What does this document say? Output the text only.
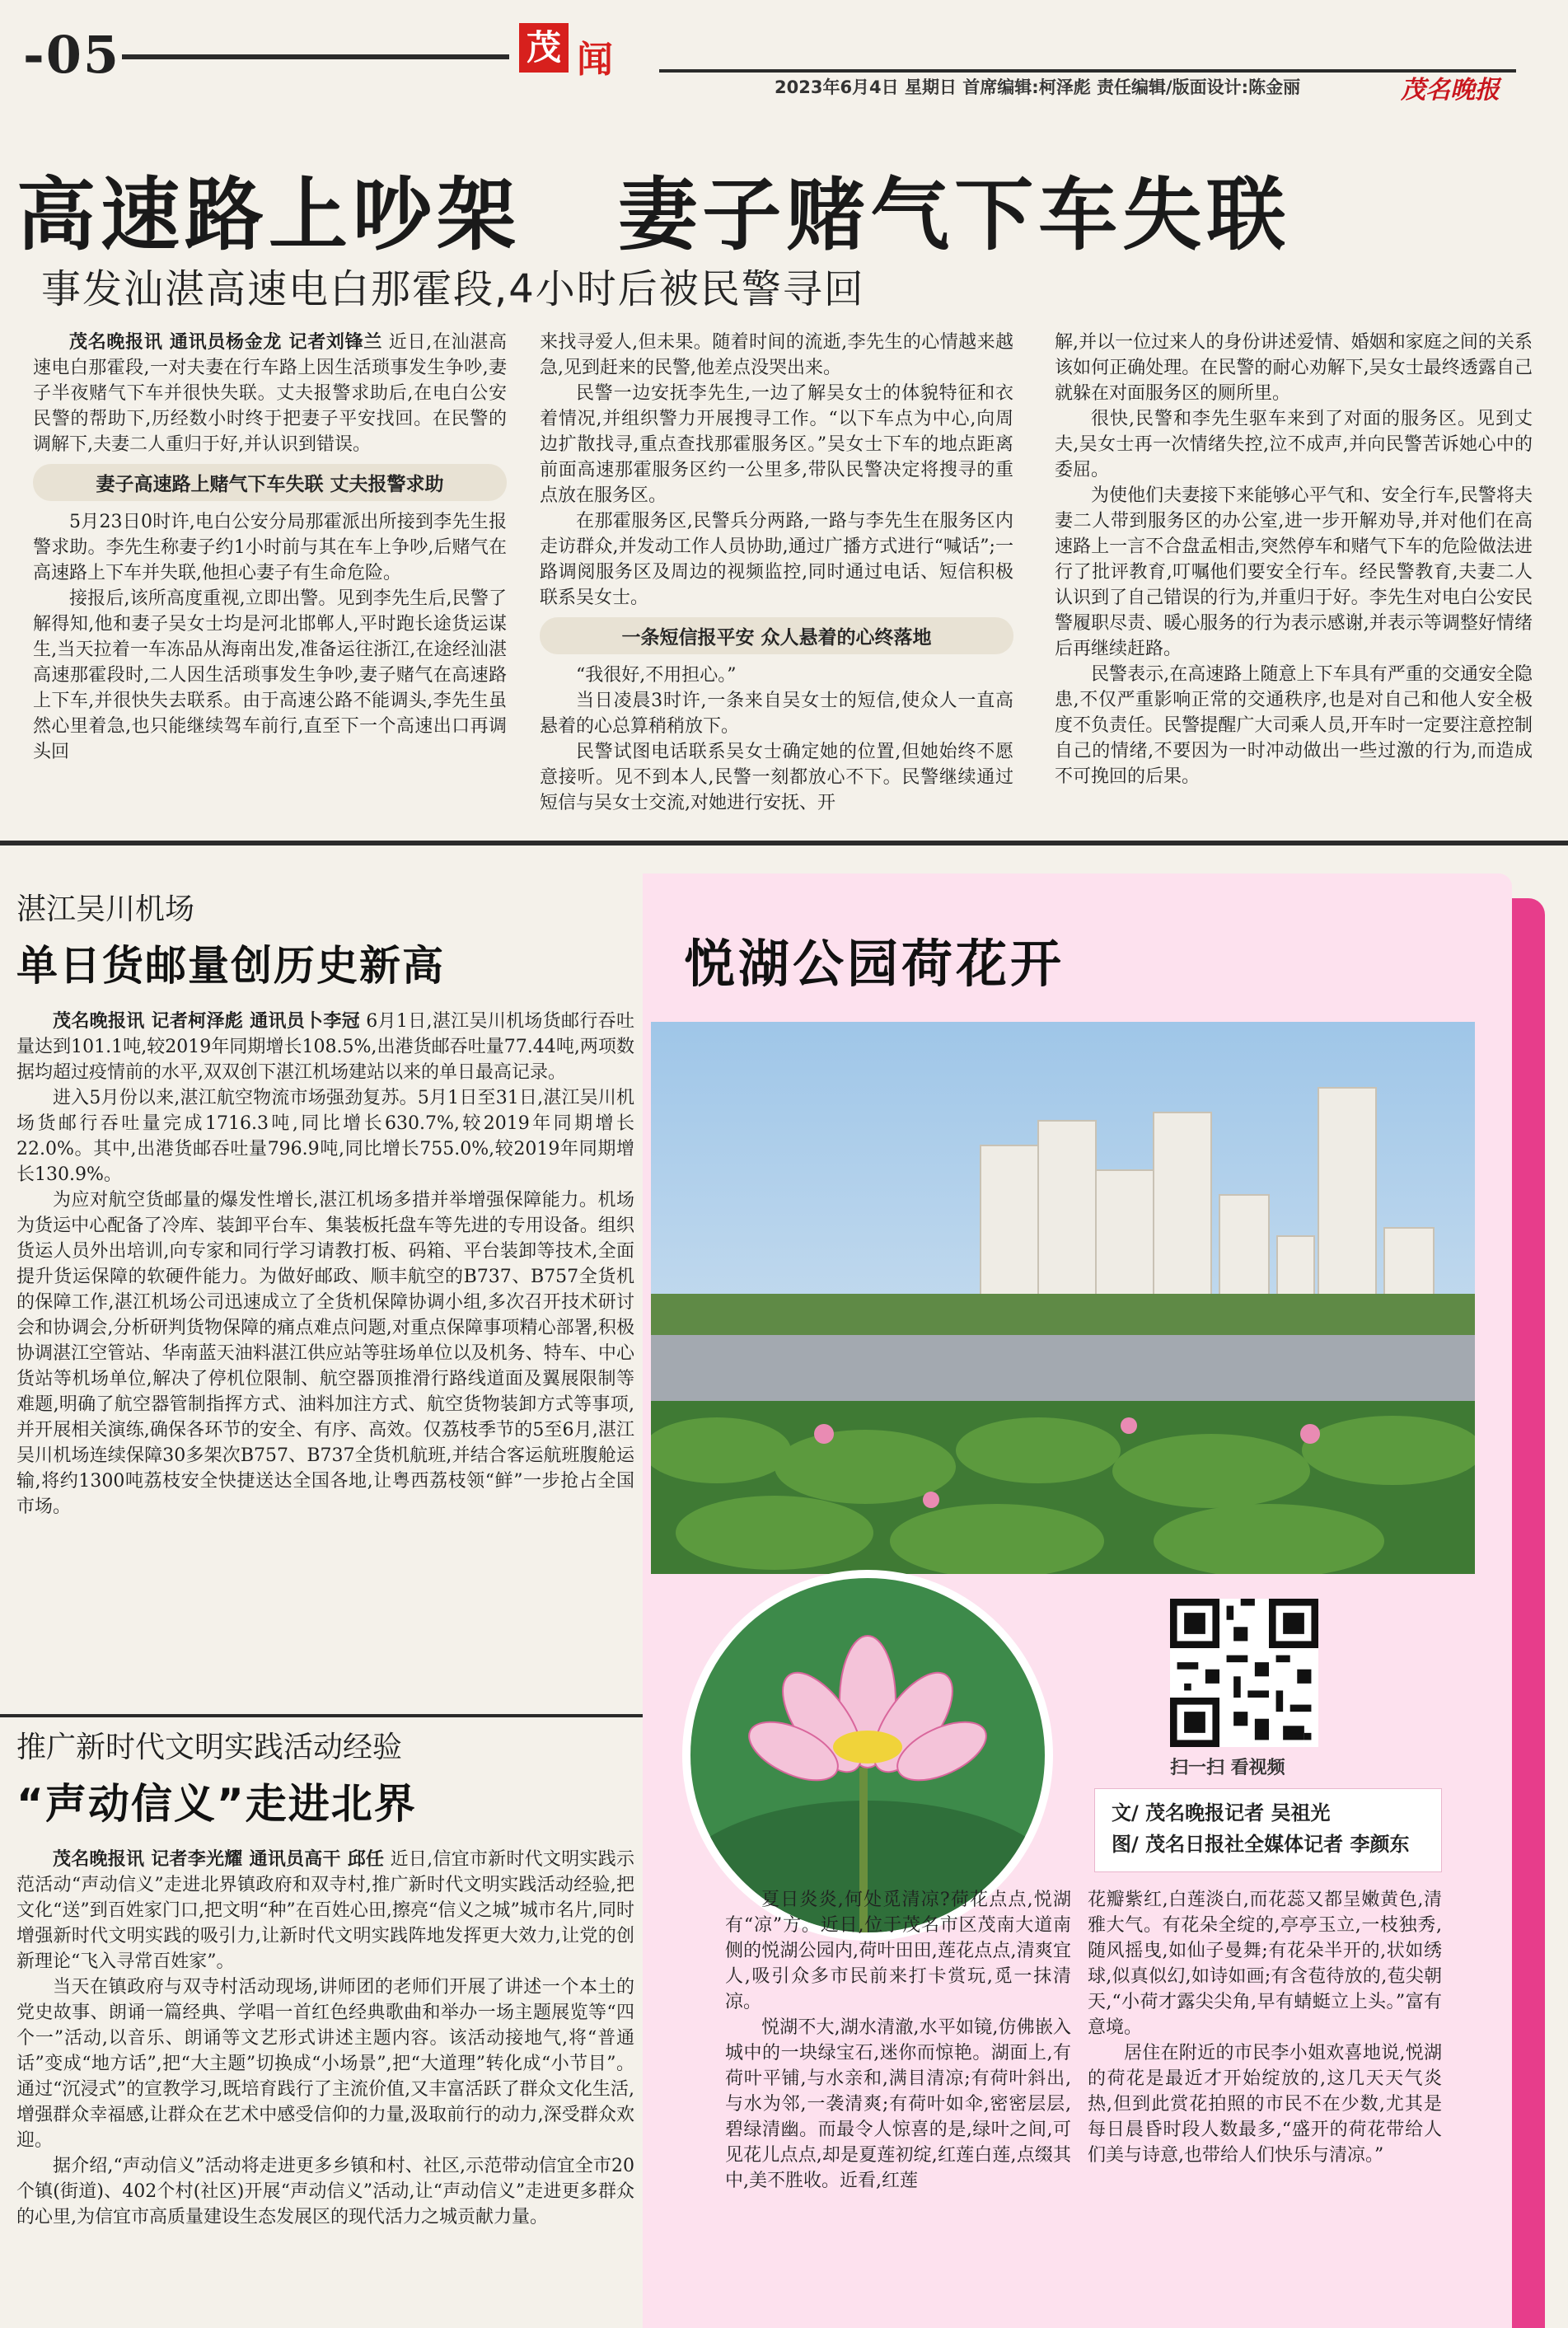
-05	茂 闻
2023年6月4日 星期日 首席编辑:柯泽彪 责任编辑/版面设计:陈金丽	茂名晚报
高速路上吵架   妻子赌气下车失联
事发汕湛高速电白那霍段,4小时后被民警寻回

茂名晚报讯 通讯员杨金龙 记者刘锋兰 近日,在汕湛高速电白那霍段,一对夫妻在行车路上因生活琐事发生争吵,妻子半夜赌气下车并很快失联。丈夫报警求助后,在电白公安民警的帮助下,历经数小时终于把妻子平安找回。在民警的调解下,夫妻二人重归于好,并认识到错误。

妻子高速路上赌气下车失联 丈夫报警求助

5月23日0时许,电白公安分局那霍派出所接到李先生报警求助。李先生称妻子约1小时前与其在车上争吵,后赌气在高速路上下车并失联,他担心妻子有生命危险。

接报后,该所高度重视,立即出警。见到李先生后,民警了解得知,他和妻子吴女士均是河北邯郸人,平时跑长途货运谋生,当天拉着一车冻品从海南出发,准备运往浙江,在途经汕湛高速那霍段时,二人因生活琐事发生争吵,妻子赌气在高速路上下车,并很快失去联系。由于高速公路不能调头,李先生虽然心里着急,也只能继续驾车前行,直至下一个高速出口再调头回

来找寻爱人,但未果。随着时间的流逝,李先生的心情越来越急,见到赶来的民警,他差点没哭出来。

民警一边安抚李先生,一边了解吴女士的体貌特征和衣着情况,并组织警力开展搜寻工作。“以下车点为中心,向周边扩散找寻,重点查找那霍服务区。”吴女士下车的地点距离前面高速那霍服务区约一公里多,带队民警决定将搜寻的重点放在服务区。

在那霍服务区,民警兵分两路,一路与李先生在服务区内走访群众,并发动工作人员协助,通过广播方式进行“喊话”;一路调阅服务区及周边的视频监控,同时通过电话、短信积极联系吴女士。

一条短信报平安 众人悬着的心终落地

“我很好,不用担心。”

当日凌晨3时许,一条来自吴女士的短信,使众人一直高悬着的心总算稍稍放下。

民警试图电话联系吴女士确定她的位置,但她始终不愿意接听。见不到本人,民警一刻都放心不下。民警继续通过短信与吴女士交流,对她进行安抚、开

解,并以一位过来人的身份讲述爱情、婚姻和家庭之间的关系该如何正确处理。在民警的耐心劝解下,吴女士最终透露自己就躲在对面服务区的厕所里。

很快,民警和李先生驱车来到了对面的服务区。见到丈夫,吴女士再一次情绪失控,泣不成声,并向民警苦诉她心中的委屈。

为使他们夫妻接下来能够心平气和、安全行车,民警将夫妻二人带到服务区的办公室,进一步开解劝导,并对他们在高速路上一言不合盘孟相击,突然停车和赌气下车的危险做法进行了批评教育,叮嘱他们要安全行车。经民警教育,夫妻二人认识到了自己错误的行为,并重归于好。李先生对电白公安民警履职尽责、暖心服务的行为表示感谢,并表示等调整好情绪后再继续赶路。

民警表示,在高速路上随意上下车具有严重的交通安全隐患,不仅严重影响正常的交通秩序,也是对自己和他人安全极度不负责任。民警提醒广大司乘人员,开车时一定要注意控制自己的情绪,不要因为一时冲动做出一些过激的行为,而造成不可挽回的后果。

湛江吴川机场
单日货邮量创历史新高

茂名晚报讯 记者柯泽彪 通讯员卜李冠 6月1日,湛江吴川机场货邮行吞吐量达到101.1吨,较2019年同期增长108.5%,出港货邮吞吐量77.44吨,两项数据均超过疫情前的水平,双双创下湛江机场建站以来的单日最高记录。

进入5月份以来,湛江航空物流市场强劲复苏。5月1日至31日,湛江吴川机场货邮行吞吐量完成1716.3吨,同比增长630.7%,较2019年同期增长22.0%。其中,出港货邮吞吐量796.9吨,同比增长755.0%,较2019年同期增长130.9%。

为应对航空货邮量的爆发性增长,湛江机场多措并举增强保障能力。机场为货运中心配备了冷库、装卸平台车、集装板托盘车等先进的专用设备。组织货运人员外出培训,向专家和同行学习请教打板、码箱、平台装卸等技术,全面提升货运保障的软硬件能力。为做好邮政、顺丰航空的B737、B757全货机的保障工作,湛江机场公司迅速成立了全货机保障协调小组,多次召开技术研讨会和协调会,分析研判货物保障的痛点难点问题,对重点保障事项精心部署,积极协调湛江空管站、华南蓝天油料湛江供应站等驻场单位以及机务、特车、中心货站等机场单位,解决了停机位限制、航空器顶推滑行路线道面及翼展限制等难题,明确了航空器管制指挥方式、油料加注方式、航空货物装卸方式等事项,并开展相关演练,确保各环节的安全、有序、高效。仅荔枝季节的5至6月,湛江吴川机场连续保障30多架次B757、B737全货机航班,并结合客运航班腹舱运输,将约1300吨荔枝安全快捷送达全国各地,让粤西荔枝领“鲜”一步抢占全国市场。

推广新时代文明实践活动经验
“声动信义”走进北界

茂名晚报讯 记者李光耀 通讯员高干 邱任 近日,信宜市新时代文明实践示范活动“声动信义”走进北界镇政府和双寺村,推广新时代文明实践活动经验,把文化“送”到百姓家门口,把文明“种”在百姓心田,擦亮“信义之城”城市名片,同时增强新时代文明实践的吸引力,让新时代文明实践阵地发挥更大效力,让党的创新理论“飞入寻常百姓家”。

当天在镇政府与双寺村活动现场,讲师团的老师们开展了讲述一个本土的党史故事、朗诵一篇经典、学唱一首红色经典歌曲和举办一场主题展览等“四个一”活动,以音乐、朗诵等文艺形式讲述主题内容。该活动接地气,将“普通话”变成“地方话”,把“大主题”切换成“小场景”,把“大道理”转化成“小节目”。通过“沉浸式”的宣教学习,既培育践行了主流价值,又丰富活跃了群众文化生活,增强群众幸福感,让群众在艺术中感受信仰的力量,汲取前行的动力,深受群众欢迎。

据介绍,“声动信义”活动将走进更多乡镇和村、社区,示范带动信宜全市20个镇(街道)、402个村(社区)开展“声动信义”活动,让“声动信义”走进更多群众的心里,为信宜市高质量建设生态发展区的现代活力之城贡献力量。

悦湖公园荷花开
扫一扫 看视频
文/ 茂名晚报记者 吴祖光
图/ 茂名日报社全媒体记者 李颜东

夏日炎炎,何处觅清凉?荷花点点,悦湖有“凉”方。近日,位于茂名市区茂南大道南侧的悦湖公园内,荷叶田田,莲花点点,清爽宜人,吸引众多市民前来打卡赏玩,觅一抹清凉。

悦湖不大,湖水清澈,水平如镜,仿佛嵌入城中的一块绿宝石,迷你而惊艳。湖面上,有荷叶平铺,与水亲和,满目清凉;有荷叶斜出,与水为邻,一袭清爽;有荷叶如伞,密密层层,碧绿清幽。而最令人惊喜的是,绿叶之间,可见花儿点点,却是夏莲初绽,红莲白莲,点缀其中,美不胜收。近看,红莲

花瓣紫红,白莲淡白,而花蕊又都呈嫩黄色,清雅大气。有花朵全绽的,亭亭玉立,一枝独秀,随风摇曳,如仙子曼舞;有花朵半开的,状如绣球,似真似幻,如诗如画;有含苞待放的,苞尖朝天,“小荷才露尖尖角,早有蜻蜓立上头。”富有意境。

居住在附近的市民李小姐欢喜地说,悦湖的荷花是最近才开始绽放的,这几天天气炎热,但到此赏花拍照的市民不在少数,尤其是每日晨昏时段人数最多,“盛开的荷花带给人们美与诗意,也带给人们快乐与清凉。”
